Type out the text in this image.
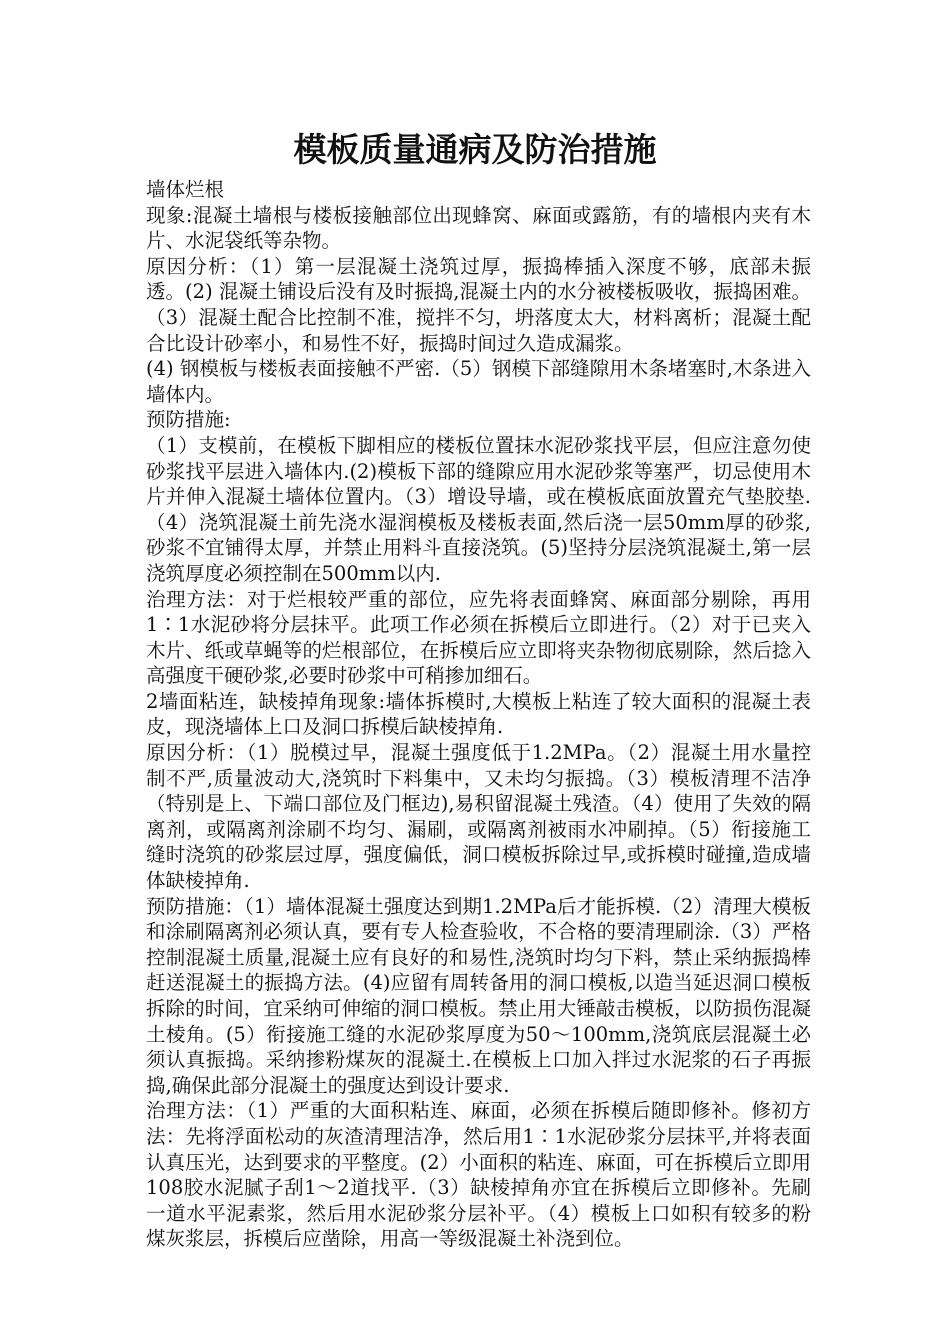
模板质量通病及防治措施

墙体烂根

现象:混凝土墙根与楼板接触部位出现蜂窝、麻面或露筋，有的墙根内夹有木片、水泥袋纸等杂物。

原因分析：（1）第一层混凝土浇筑过厚，振捣棒插入深度不够，底部未振透。(2) 混凝土铺设后没有及时振捣,混凝土内的水分被楼板吸收，振捣困难。（3）混凝土配合比控制不准，搅拌不匀，坍落度太大，材料离析；混凝土配合比设计砂率小，和易性不好，振捣时间过久造成漏浆。

(4) 钢模板与楼板表面接触不严密.（5）钢模下部缝隙用木条堵塞时,木条进入墙体内。

预防措施:

（1）支模前，在模板下脚相应的楼板位置抹水泥砂浆找平层，但应注意勿使砂浆找平层进入墙体内.(2)模板下部的缝隙应用水泥砂浆等塞严，切忌使用木片并伸入混凝土墙体位置内。（3）增设导墙，或在模板底面放置充气垫胶垫.（4）浇筑混凝土前先浇水湿润模板及楼板表面,然后浇一层50mm厚的砂浆,砂浆不宜铺得太厚，并禁止用料斗直接浇筑。(5)坚持分层浇筑混凝土,第一层浇筑厚度必须控制在500mm以内.

治理方法：对于烂根较严重的部位，应先将表面蜂窝、麻面部分剔除，再用1∶1水泥砂将分层抹平。此项工作必须在拆模后立即进行。（2）对于已夹入木片、纸或草蝇等的烂根部位，在拆模后应立即将夹杂物彻底剔除，然后捻入高强度干硬砂浆,必要时砂浆中可稍掺加细石。

2墙面粘连，缺棱掉角现象:墙体拆模时,大模板上粘连了较大面积的混凝土表皮，现浇墙体上口及洞口拆模后缺棱掉角.

原因分析：（1）脱模过早，混凝土强度低于1.2MPa。（2）混凝土用水量控制不严,质量波动大,浇筑时下料集中，又未均匀振捣。（3）模板清理不洁净（特别是上、下端口部位及门框边),易积留混凝土残渣。（4）使用了失效的隔离剂，或隔离剂涂刷不均匀、漏刷，或隔离剂被雨水冲刷掉。（5）衔接施工缝时浇筑的砂浆层过厚，强度偏低，洞口模板拆除过早,或拆模时碰撞,造成墙体缺棱掉角.

预防措施：（1）墙体混凝土强度达到期1.2MPa后才能拆模.（2）清理大模板和涂刷隔离剂必须认真，要有专人检查验收，不合格的要清理刷涂.（3）严格控制混凝土质量,混凝土应有良好的和易性,浇筑时均匀下料，禁止采纳振捣棒赶送混凝土的振捣方法。(4)应留有周转备用的洞口模板,以造当延迟洞口模板拆除的时间，宜采纳可伸缩的洞口模板。禁止用大锤敲击模板，以防损伤混凝土棱角。(5）衔接施工缝的水泥砂浆厚度为50～100mm,浇筑底层混凝土必须认真振捣。采纳掺粉煤灰的混凝土.在模板上口加入拌过水泥浆的石子再振捣,确保此部分混凝土的强度达到设计要求.

治理方法：（1）严重的大面积粘连、麻面，必须在拆模后随即修补。修初方法：先将浮面松动的灰渣清理洁净，然后用1∶1水泥砂浆分层抹平,并将表面认真压光，达到要求的平整度。(2）小面积的粘连、麻面，可在拆模后立即用108胶水泥腻子刮1～2道找平.（3）缺棱掉角亦宜在拆模后立即修补。先刷一道水平泥素浆，然后用水泥砂浆分层补平。（4）模板上口如积有较多的粉煤灰浆层，拆模后应凿除，用高一等级混凝土补浇到位。
